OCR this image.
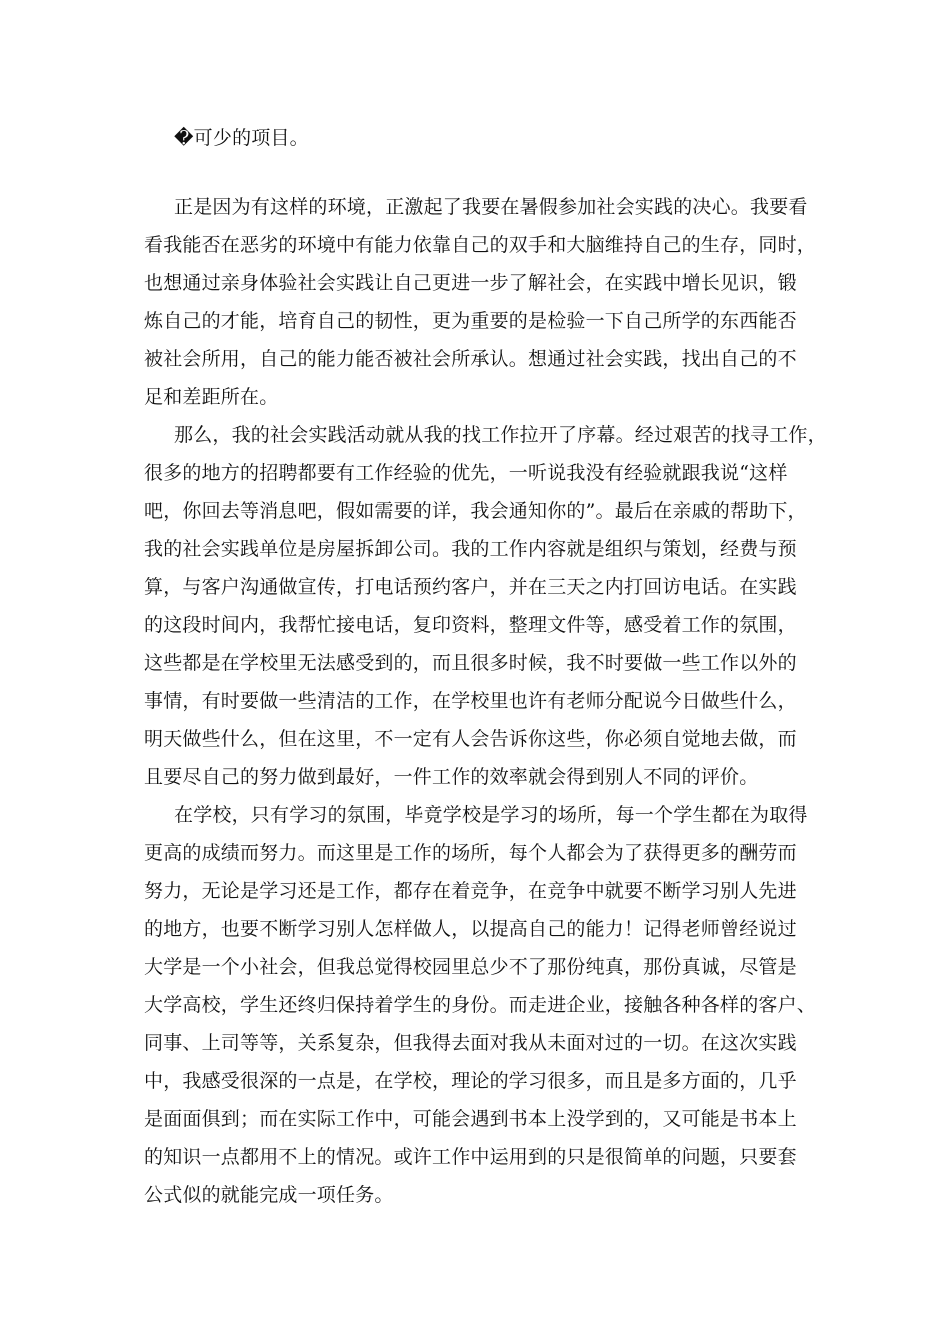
�可少的项目。
正是因为有这样的环境，正激起了我要在暑假参加社会实践的决心。我要看
看我能否在恶劣的环境中有能力依靠自己的双手和大脑维持自己的生存，同时，
也想通过亲身体验社会实践让自己更进一步了解社会，在实践中增长见识，锻
炼自己的才能，培育自己的韧性，更为重要的是检验一下自己所学的东西能否
被社会所用，自己的能力能否被社会所承认。想通过社会实践，找出自己的不
足和差距所在。
那么，我的社会实践活动就从我的找工作拉开了序幕。经过艰苦的找寻工作，
很多的地方的招聘都要有工作经验的优先，一听说我没有经验就跟我说“这样
吧，你回去等消息吧，假如需要的详，我会通知你的”。最后在亲戚的帮助下，
我的社会实践单位是房屋拆卸公司。我的工作内容就是组织与策划，经费与预
算，与客户沟通做宣传，打电话预约客户，并在三天之内打回访电话。在实践
的这段时间内，我帮忙接电话，复印资料，整理文件等，感受着工作的氛围，
这些都是在学校里无法感受到的，而且很多时候，我不时要做一些工作以外的
事情，有时要做一些清洁的工作，在学校里也许有老师分配说今日做些什么，
明天做些什么，但在这里，不一定有人会告诉你这些，你必须自觉地去做，而
且要尽自己的努力做到最好，一件工作的效率就会得到别人不同的评价。
在学校，只有学习的氛围，毕竟学校是学习的场所，每一个学生都在为取得
更高的成绩而努力。而这里是工作的场所，每个人都会为了获得更多的酬劳而
努力，无论是学习还是工作，都存在着竞争，在竞争中就要不断学习别人先进
的地方，也要不断学习别人怎样做人，以提高自己的能力！记得老师曾经说过
大学是一个小社会，但我总觉得校园里总少不了那份纯真，那份真诚，尽管是
大学高校，学生还终归保持着学生的身份。而走进企业，接触各种各样的客户、
同事、上司等等，关系复杂，但我得去面对我从未面对过的一切。在这次实践
中，我感受很深的一点是，在学校，理论的学习很多，而且是多方面的，几乎
是面面俱到；而在实际工作中，可能会遇到书本上没学到的，又可能是书本上
的知识一点都用不上的情况。或许工作中运用到的只是很简单的问题，只要套
公式似的就能完成一项任务。
